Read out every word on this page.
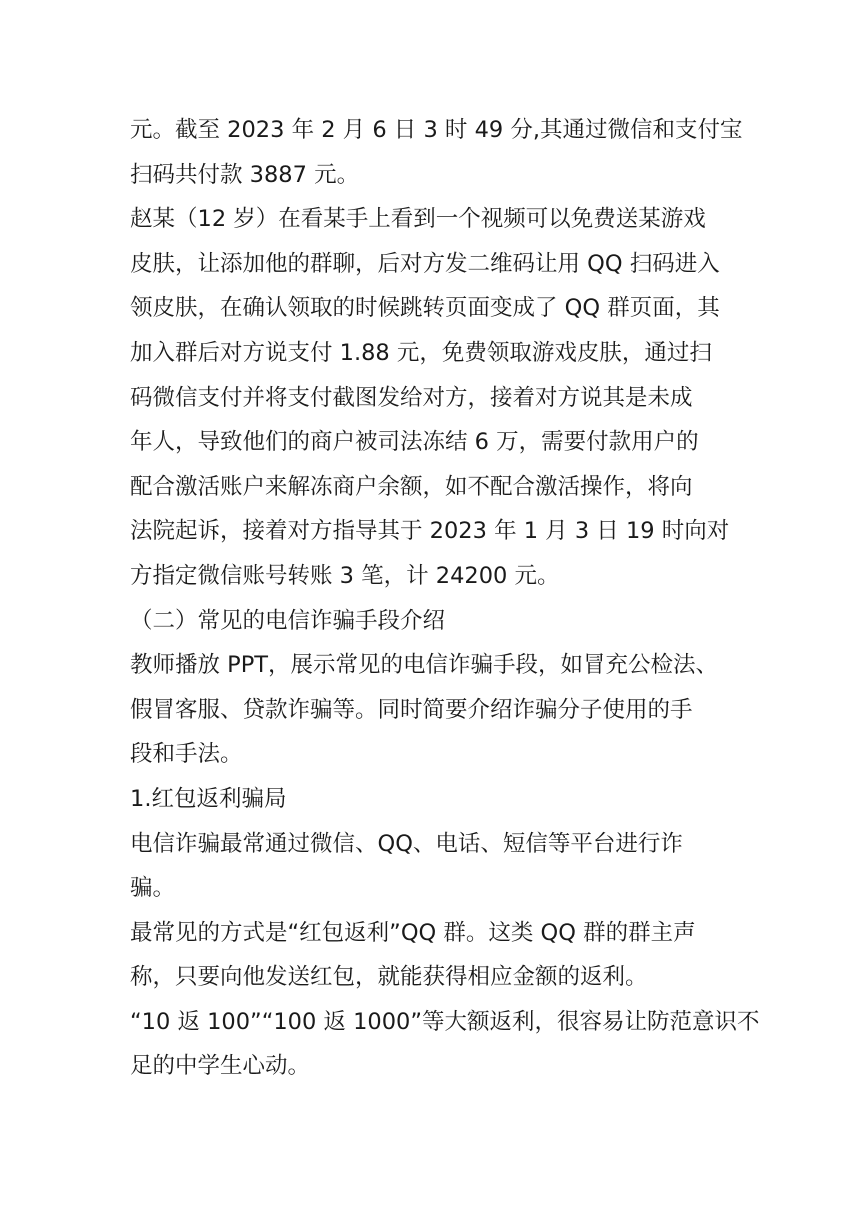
元。截至 2023 年 2 月 6 日 3 时 49 分,其通过微信和支付宝
扫码共付款 3887 元。
赵某（12 岁）在看某手上看到一个视频可以免费送某游戏
皮肤，让添加他的群聊，后对方发二维码让用 QQ 扫码进入
领皮肤，在确认领取的时候跳转页面变成了 QQ 群页面，其
加入群后对方说支付 1.88 元，免费领取游戏皮肤，通过扫
码微信支付并将支付截图发给对方，接着对方说其是未成
年人，导致他们的商户被司法冻结 6 万，需要付款用户的
配合激活账户来解冻商户余额，如不配合激活操作，将向
法院起诉，接着对方指导其于 2023 年 1 月 3 日 19 时向对
方指定微信账号转账 3 笔，计 24200 元。
（二）常见的电信诈骗手段介绍
教师播放 PPT，展示常见的电信诈骗手段，如冒充公检法、
假冒客服、贷款诈骗等。同时简要介绍诈骗分子使用的手
段和手法。
1.红包返利骗局
电信诈骗最常通过微信、QQ、电话、短信等平台进行诈
骗。
最常见的方式是“红包返利”QQ 群。这类 QQ 群的群主声
称，只要向他发送红包，就能获得相应金额的返利。
“10 返 100”“100 返 1000”等大额返利，很容易让防范意识不
足的中学生心动。
